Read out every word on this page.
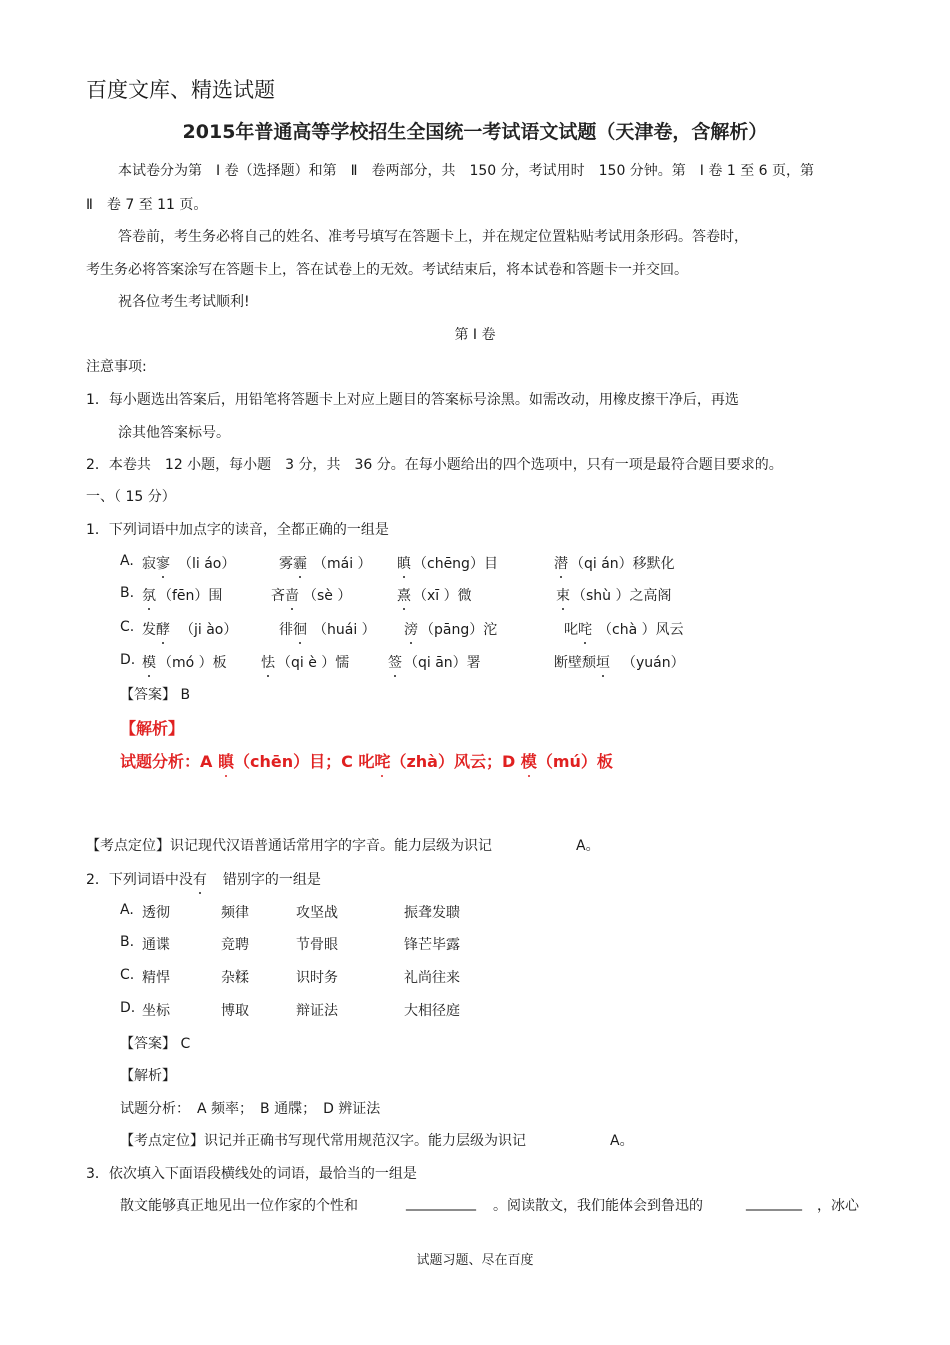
百度文库、精选试题
2015年普通高等学校招生全国统一考试语文试题（天津卷，含解析）
本试卷分为第　Ⅰ 卷（选择题）和第　Ⅱ　卷两部分，共　150 分，考试用时　150 分钟。第　Ⅰ 卷 1 至 6 页，第
Ⅱ　卷 7 至 11 页。
答卷前，考生务必将自己的姓名、准考号填写在答题卡上，并在规定位置粘贴考试用条形码。答卷时，
考生务必将答案涂写在答题卡上，答在试卷上的无效。考试结束后，将本试卷和答题卡一并交回。
祝各位考生考试顺利!
第 Ⅰ 卷
注意事项:
1．每小题选出答案后，用铅笔将答题卡上对应上题目的答案标号涂黑。如需改动，用橡皮擦干净后，再选
涂其他答案标号。
2．本卷共　12 小题，每小题　3 分，共　36 分。在每小题给出的四个选项中，只有一项是最符合题目要求的。
一、（ 15 分）
1．下列词语中加点字的读音，全都正确的一组是
A. 寂寥 （li áo）	雾霾 （mái ） 瞋 （chēng）目	潜 （qi án）移默化
B. 氛 （fēn）围	吝啬 （sè ）	熹 （xī ）微	束 （shù ）之高阁
C. 发酵 （ji ào）	徘徊 （huái ） 滂 （pāng）沱	叱咤 （chà ）风云
D. 模 （mó ）板 怯 （qi è ）懦	签 （qi ān）署	断壁颓垣 （yuán）
【答案】 B
【解析】
试题分析：A 瞋（chēn）目；C 叱咤（zhà）风云；D 模（mú）板
【考点定位】识记现代汉语普通话常用字的字音。能力层级为识记	A。
2．下列词语中没有 错别字的一组是
A. 透彻	频律	攻坚战	振聋发聩
B. 通谍	竞聘	节骨眼	锋芒毕露
C. 精悍	杂糅	识时务	礼尚往来
D. 坐标	博取	辩证法	大相径庭
【答案】 C
【解析】
试题分析：　A 频率；　B 通牒；　D 辨证法
【考点定位】识记并正确书写现代常用规范汉字。能力层级为识记	A。
3．依次填入下面语段横线处的词语，最恰当的一组是
散文能够真正地见出一位作家的个性和	__________ 。阅读散文，我们能体会到鲁迅的	________ ，冰心
试题习题、尽在百度
